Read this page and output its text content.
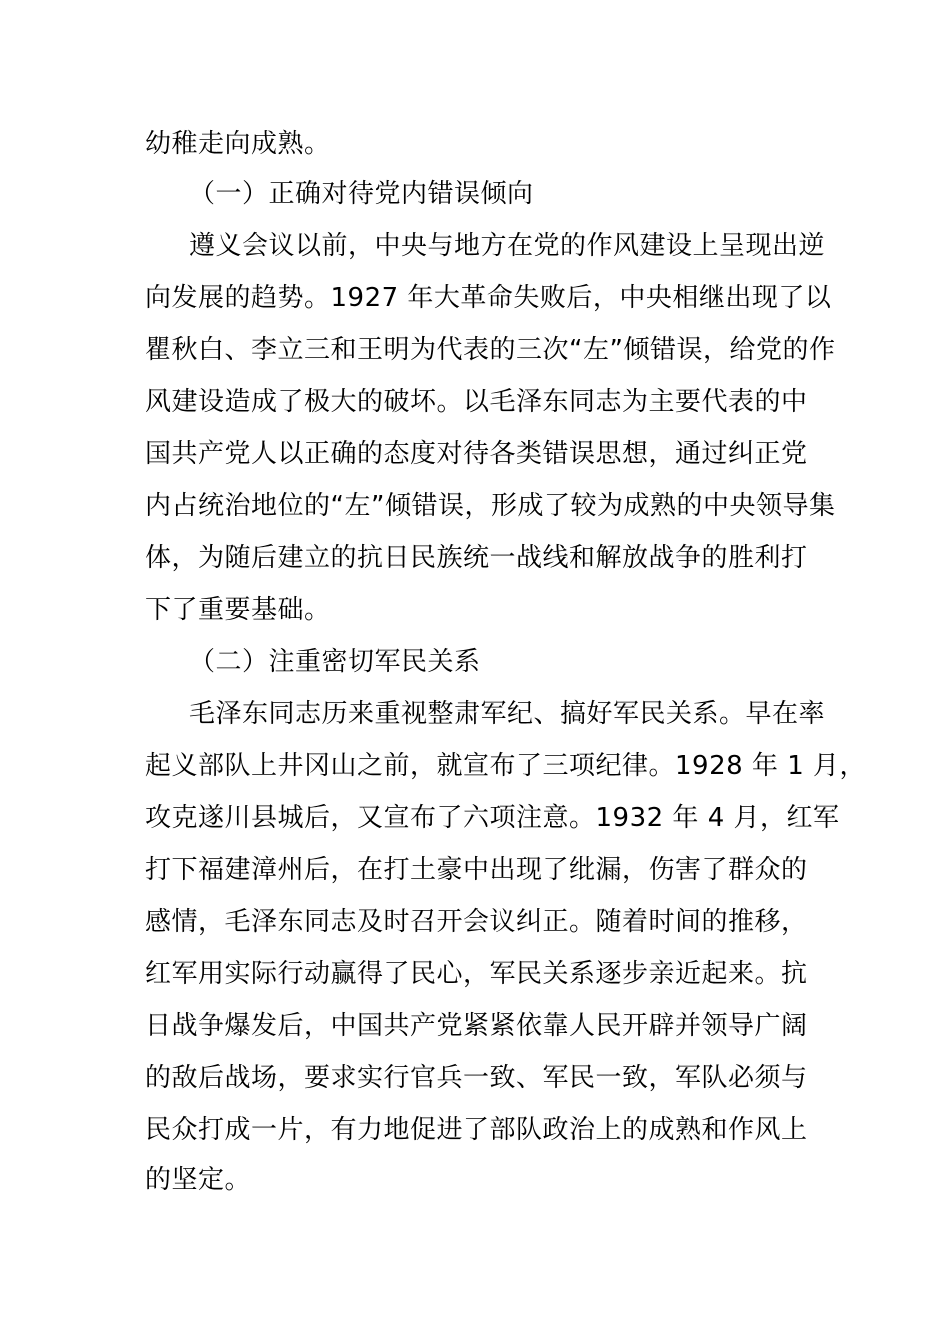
幼稚走向成熟。
（一）正确对待党内错误倾向
遵义会议以前，中央与地方在党的作风建设上呈现出逆
向发展的趋势。1927 年大革命失败后，中央相继出现了以
瞿秋白、李立三和王明为代表的三次“左”倾错误，给党的作
风建设造成了极大的破坏。以毛泽东同志为主要代表的中
国共产党人以正确的态度对待各类错误思想，通过纠正党
内占统治地位的“左”倾错误，形成了较为成熟的中央领导集
体，为随后建立的抗日民族统一战线和解放战争的胜利打
下了重要基础。
（二）注重密切军民关系
毛泽东同志历来重视整肃军纪、搞好军民关系。早在率
起义部队上井冈山之前，就宣布了三项纪律。1928 年 1 月，
攻克遂川县城后，又宣布了六项注意。1932 年 4 月，红军
打下福建漳州后，在打土豪中出现了纰漏，伤害了群众的
感情，毛泽东同志及时召开会议纠正。随着时间的推移，
红军用实际行动赢得了民心，军民关系逐步亲近起来。抗
日战争爆发后，中国共产党紧紧依靠人民开辟并领导广阔
的敌后战场，要求实行官兵一致、军民一致，军队必须与
民众打成一片，有力地促进了部队政治上的成熟和作风上
的坚定。
